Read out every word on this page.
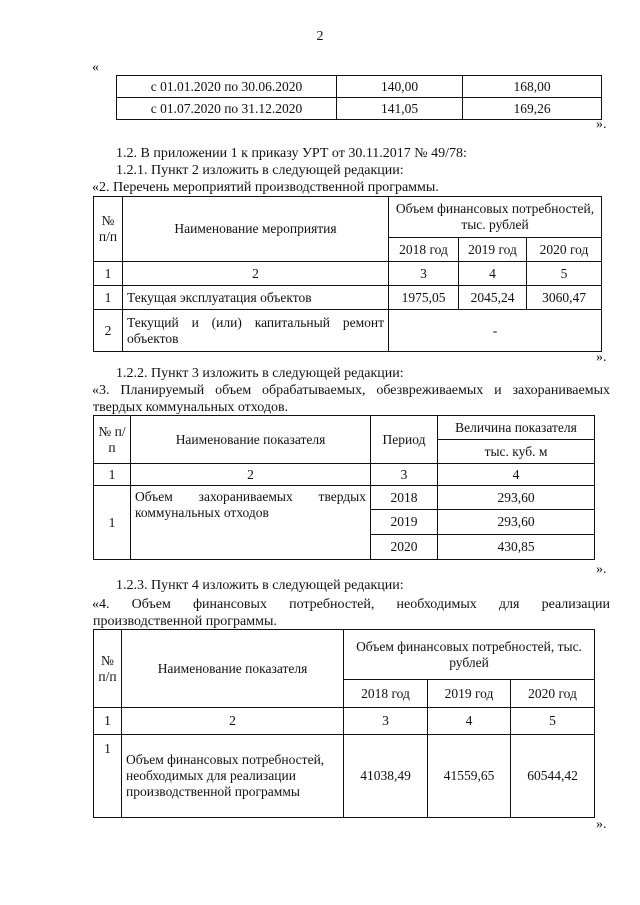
2
«
с 01.01.2020 по 30.06.2020	140,00	168,00
с 01.07.2020 по 31.12.2020	141,05	169,26
».
1.2. В приложении 1 к приказу УРТ от 30.11.2017 № 49/78:
1.2.1. Пункт 2 изложить в следующей редакции:
«2. Перечень мероприятий производственной программы.
№ п/п	Наименование мероприятия	Объем финансовых потребностей, тыс. рублей		
		2018 год	2019 год	2020 год
1	2	3	4	5
1	Текущая эксплуатация объектов	1975,05	2045,24	3060,47
2	Текущий и (или) капитальный ремонт объектов	-		
».
1.2.2. Пункт 3 изложить в следующей редакции:
«3. Планируемый объем обрабатываемых, обезвреживаемых и захораниваемых
твердых коммунальных отходов.
№ п/п	Наименование показателя	Период	Величина показателя
			тыс. куб. м
1	2	3	4
1	Объем захораниваемых твердых коммунальных отходов	2018	293,60
		2019	293,60
		2020	430,85
».
1.2.3. Пункт 4 изложить в следующей редакции:
«4. Объем финансовых потребностей, необходимых для реализации
производственной программы.
№ п/п	Наименование показателя	Объем финансовых потребностей, тыс. рублей		
		2018 год	2019 год	2020 год
1	2	3	4	5
1	Объем финансовых потребностей, необходимых для реализации производственной программы	41038,49	41559,65	60544,42
».
